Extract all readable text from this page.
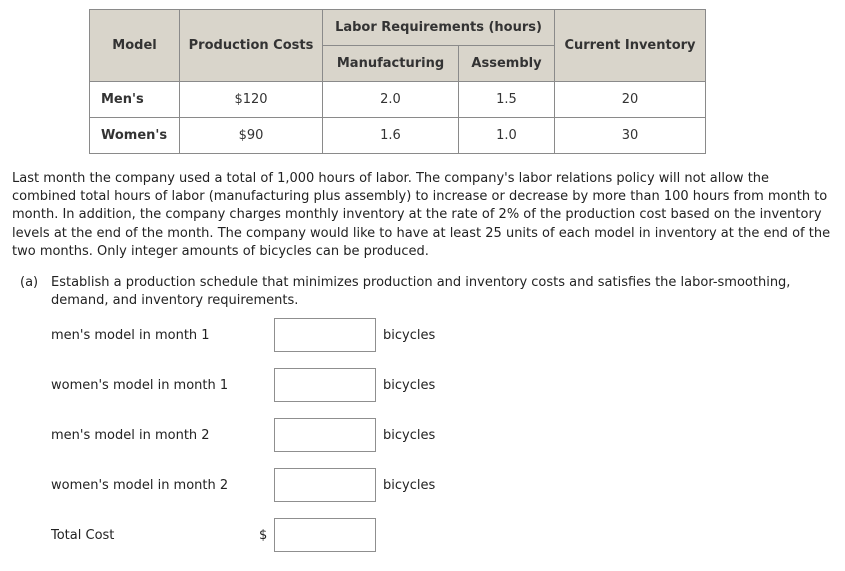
Model	Production Costs	Labor Requirements (hours)		Current Inventory
		Manufacturing	Assembly	
Men's	$120	2.0	1.5	20
Women's	$90	1.6	1.0	30
Last month the company used a total of 1,000 hours of labor. The company's labor relations policy will not allow the combined total hours of labor (manufacturing plus assembly) to increase or decrease by more than 100 hours from month to month. In addition, the company charges monthly inventory at the rate of 2% of the production cost based on the inventory levels at the end of the month. The company would like to have at least 25 units of each model in inventory at the end of the two months. Only integer amounts of bicycles can be produced.
(a) Establish a production schedule that minimizes production and inventory costs and satisfies the labor-smoothing, demand, and inventory requirements.
men's model in month 1	bicycles
women's model in month 1	bicycles
men's model in month 2	bicycles
women's model in month 2	bicycles
Total Cost	$
